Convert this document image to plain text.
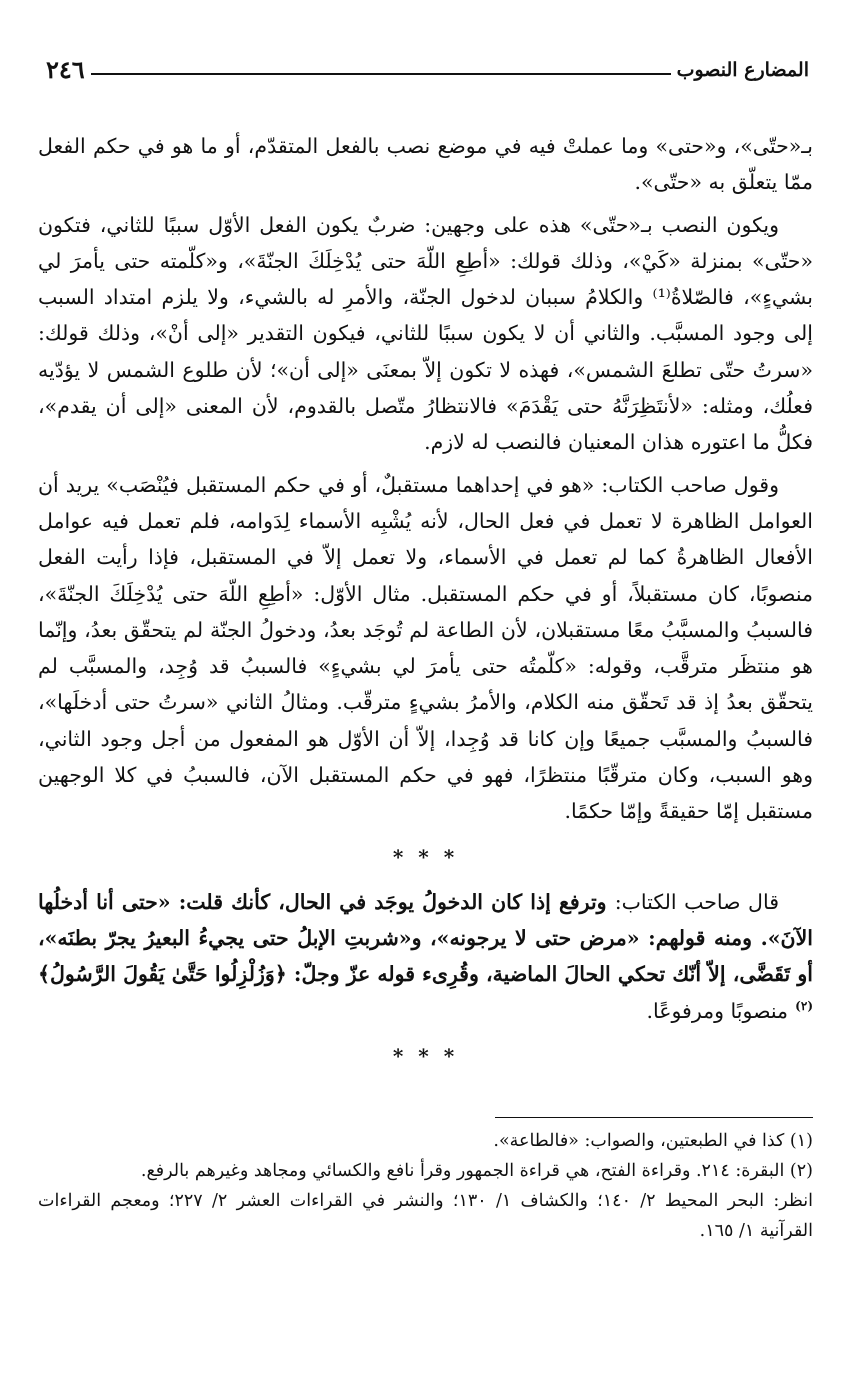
المضارع النصوب
٢٤٦

بـ«حتّى»، و«حتى» وما عملتْ فيه في موضع نصب بالفعل المتقدّم، أو ما هو في حكم الفعل ممّا يتعلّق به «حتّى».

ويكون النصب بـ«حتّى» هذه على وجهين: ضربٌ يكون الفعل الأوّل سببًا للثاني، فتكون «حتّى» بمنزلة «كَيْ»، وذلك قولك: «أطِعِ اللّهَ حتى يُدْخِلَكَ الجنّةَ»، و«كلّمته حتى يأمرَ لي بشيءٍ»، فالصّلاةُ⁽¹⁾ والكلامُ سببان لدخول الجنّة، والأمرِ له بالشيء، ولا يلزم امتداد السبب إلى وجود المسبَّب. والثاني أن لا يكون سببًا للثاني، فيكون التقدير «إلى أنْ»، وذلك قولك: «سرتُ حتّى تطلعَ الشمس»، فهذه لا تكون إلاّ بمعنَى «إلى أن»؛ لأن طلوع الشمس لا يؤدّيه فعلُك، ومثله: «لأنتَظِرَنَّهُ حتى يَقْدَمَ» فالانتظارُ متّصل بالقدوم، لأن المعنى «إلى أن يقدم»، فكلُّ ما اعتوره هذان المعنيان فالنصب له لازم.

وقول صاحب الكتاب: «هو في إحداهما مستقبلٌ، أو في حكم المستقبل فيُنْصَب» يريد أن العوامل الظاهرة لا تعمل في فعل الحال، لأنه يُشْبِه الأسماء لِدَوامه، فلم تعمل فيه عوامل الأفعال الظاهرةُ كما لم تعمل في الأسماء، ولا تعمل إلاّ في المستقبل، فإذا رأيت الفعل منصوبًا، كان مستقبلاً، أو في حكم المستقبل. مثال الأوّل: «أطِعِ اللّهَ حتى يُدْخِلَكَ الجنّةَ»، فالسببُ والمسبَّبُ معًا مستقبلان، لأن الطاعة لم تُوجَد بعدُ، ودخولُ الجنّة لم يتحقّق بعدُ، وإنّما هو منتظَر مترقَّب، وقوله: «كلّمتُه حتى يأمرَ لي بشيءٍ» فالسببُ قد وُجِد، والمسبَّب لم يتحقّق بعدُ إذ قد تَحقّق منه الكلام، والأمرُ بشيءٍ مترقّب. ومثالُ الثاني «سرتُ حتى أدخلَها»، فالسببُ والمسبَّب جميعًا وإن كانا قد وُجِدا، إلاّ أن الأوّل هو المفعول من أجل وجود الثاني، وهو السبب، وكان مترقّبًا منتظرًا، فهو في حكم المستقبل الآن، فالسببُ في كلا الوجهين مستقبل إمّا حقيقةً وإمّا حكمًا.

* * *

قال صاحب الكتاب: وترفع إذا كان الدخولُ يوجَد في الحال، كأنك قلت: «حتى أنا أدخلُها الآنَ». ومنه قولهم: «مرض حتى لا يرجونه»، و«شربتِ الإبلُ حتى يجيءُ البعيرُ يجرّ بطنَه»، أو تَقَضَّى، إلاّ أنّك تحكي الحالَ الماضية، وقُرِىء قوله عزّ وجلّ: ﴿وَزُلْزِلُوا حَتَّىٰ يَقُولَ الرَّسُولُ﴾$^{(٢)}$ منصوبًا ومرفوعًا.

* * *

(١) كذا في الطبعتين، والصواب: «فالطاعة».

(٢) البقرة: ٢١٤. وقراءة الفتح، هي قراءة الجمهور وقرأ نافع والكسائي ومجاهد وغيرهم بالرفع.

انظر: البحر المحيط ٢/ ١٤٠؛ والكشاف ١/ ١٣٠؛ والنشر في القراءات العشر ٢/ ٢٢٧؛ ومعجم القراءات القرآنية ١/ ١٦٥.
